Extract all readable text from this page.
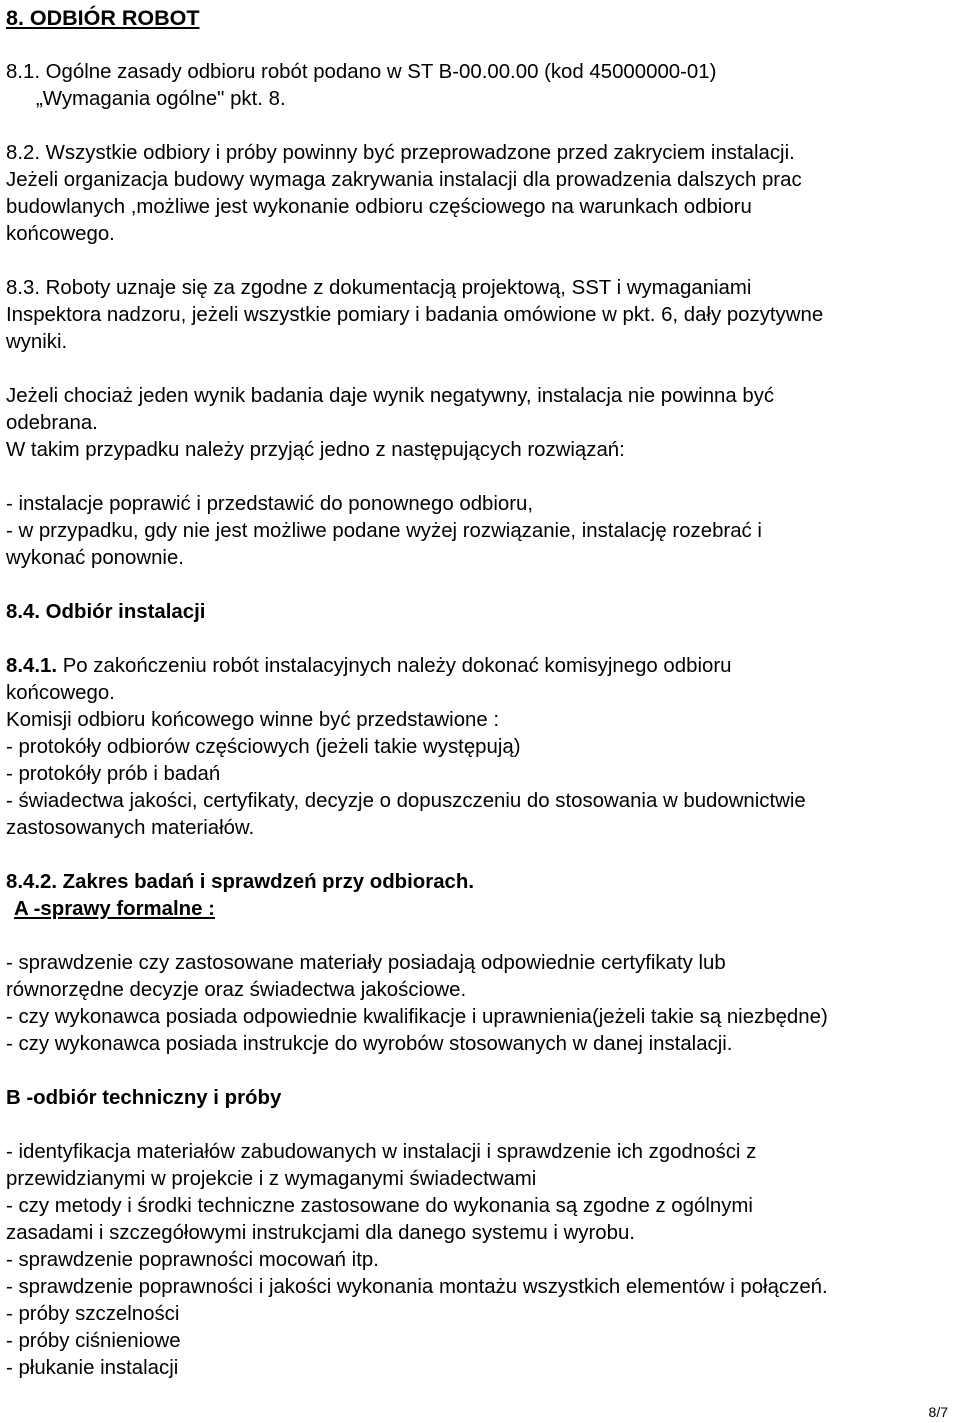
8. ODBIÓR ROBOT
8.1. Ogólne zasady odbioru robót podano w ST B-00.00.00 (kod 45000000-01)
„Wymagania ogólne" pkt. 8.
8.2. Wszystkie odbiory i próby powinny być przeprowadzone przed zakryciem instalacji.
Jeżeli organizacja budowy wymaga zakrywania instalacji dla prowadzenia dalszych prac
budowlanych ,możliwe jest wykonanie odbioru częściowego na warunkach odbioru
końcowego.
8.3. Roboty uznaje się za zgodne z dokumentacją projektową, SST i wymaganiami
Inspektora nadzoru, jeżeli wszystkie pomiary i badania omówione w pkt. 6, dały pozytywne
wyniki.
Jeżeli chociaż jeden wynik badania daje wynik negatywny, instalacja nie powinna być
odebrana.
W takim przypadku należy przyjąć jedno z następujących rozwiązań:
- instalacje poprawić i przedstawić do ponownego odbioru,
- w przypadku, gdy nie jest możliwe podane wyżej rozwiązanie, instalację rozebrać i
wykonać ponownie.
8.4. Odbiór instalacji
8.4.1. Po zakończeniu robót instalacyjnych należy dokonać komisyjnego odbioru
końcowego.
Komisji odbioru końcowego winne być przedstawione :
- protokóły odbiorów częściowych (jeżeli takie występują)
- protokóły prób i badań
- świadectwa jakości, certyfikaty, decyzje o dopuszczeniu do stosowania w budownictwie
zastosowanych materiałów.
8.4.2. Zakres badań i sprawdzeń przy odbiorach.
A -sprawy formalne :
- sprawdzenie czy zastosowane materiały posiadają odpowiednie certyfikaty lub
równorzędne decyzje oraz świadectwa jakościowe.
- czy wykonawca posiada odpowiednie kwalifikacje i uprawnienia(jeżeli takie są niezbędne)
- czy wykonawca posiada instrukcje do wyrobów stosowanych w danej instalacji.
B -odbiór techniczny i próby
- identyfikacja materiałów zabudowanych w instalacji i sprawdzenie ich zgodności z
przewidzianymi w projekcie i z wymaganymi świadectwami
- czy metody i środki techniczne zastosowane do wykonania są zgodne z ogólnymi
zasadami i szczegółowymi instrukcjami dla danego systemu i wyrobu.
- sprawdzenie poprawności mocowań itp.
- sprawdzenie poprawności i jakości wykonania montażu wszystkich elementów i połączeń.
- próby szczelności
- próby ciśnieniowe
- płukanie instalacji
8/7
